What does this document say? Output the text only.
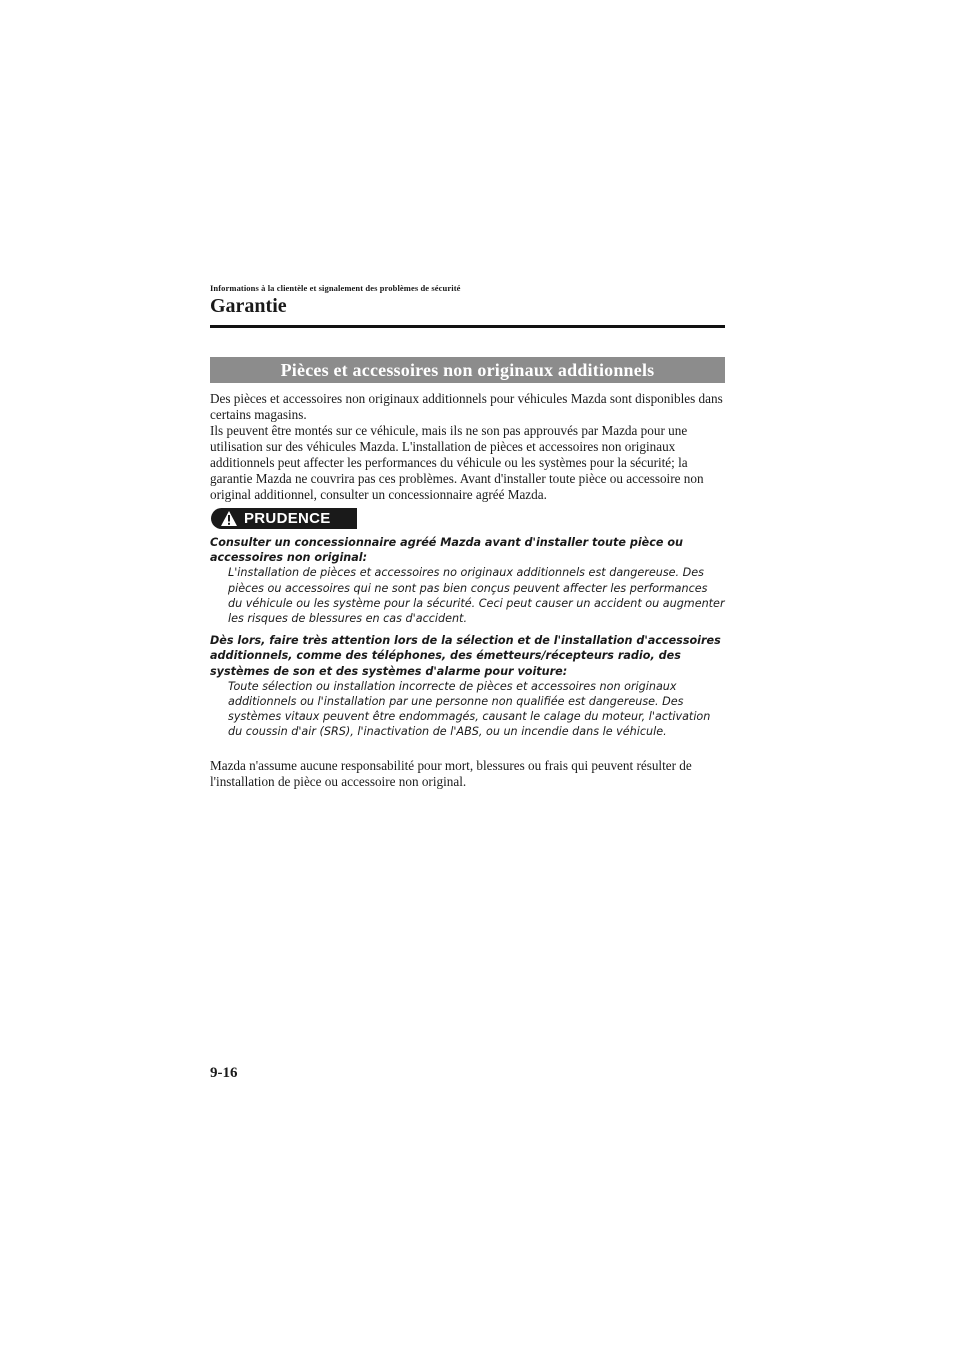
Informations à la clientèle et signalement des problèmes de sécurité
Garantie
Pièces et accessoires non originaux additionnels

Des pièces et accessoires non originaux additionnels pour véhicules Mazda sont disponibles dans certains magasins.

Ils peuvent être montés sur ce véhicule, mais ils ne son pas approuvés par Mazda pour une utilisation sur des véhicules Mazda. L'installation de pièces et accessoires non originaux additionnels peut affecter les performances du véhicule ou les systèmes pour la sécurité; la garantie Mazda ne couvrira pas ces problèmes. Avant d'installer toute pièce ou accessoire non original additionnel, consulter un concessionnaire agréé Mazda.

PRUDENCE

Consulter un concessionnaire agréé Mazda avant d'installer toute pièce ou accessoires non original:

L'installation de pièces et accessoires no originaux additionnels est dangereuse. Des pièces ou accessoires qui ne sont pas bien conçus peuvent affecter les performances du véhicule ou les système pour la sécurité. Ceci peut causer un accident ou augmenter les risques de blessures en cas d'accident.

Dès lors, faire très attention lors de la sélection et de l'installation d'accessoires additionnels, comme des téléphones, des émetteurs/récepteurs radio, des systèmes de son et des systèmes d'alarme pour voiture:

Toute sélection ou installation incorrecte de pièces et accessoires non originaux additionnels ou l'installation par une personne non qualifiée est dangereuse. Des systèmes vitaux peuvent être endommagés, causant le calage du moteur, l'activation du coussin d'air (SRS), l'inactivation de l'ABS, ou un incendie dans le véhicule.

Mazda n'assume aucune responsabilité pour mort, blessures ou frais qui peuvent résulter de l'installation de pièce ou accessoire non original.

9-16
